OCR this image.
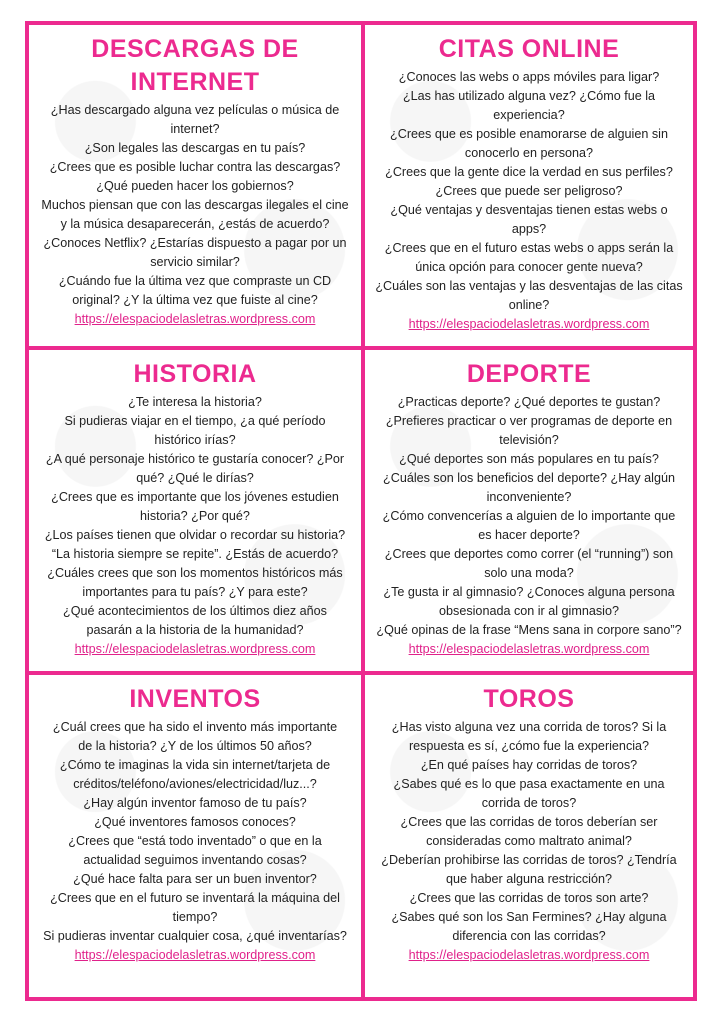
DESCARGAS DE
INTERNET
¿Has descargado alguna vez películas o música de
internet?
¿Son legales las descargas en tu país?
¿Crees que es posible luchar contra las descargas?
¿Qué pueden hacer los gobiernos?
Muchos piensan que con las descargas ilegales el cine
y la música desaparecerán, ¿estás de acuerdo?
¿Conoces Netflix? ¿Estarías dispuesto a pagar por un
servicio similar?
¿Cuándo fue la última vez que compraste un CD
original? ¿Y la última vez que fuiste al cine?
https://elespaciodelasletras.wordpress.com
CITAS ONLINE
¿Conoces las webs o apps móviles para ligar?
¿Las has utilizado alguna vez? ¿Cómo fue la
experiencia?
¿Crees que es posible enamorarse de alguien sin
conocerlo en persona?
¿Crees que la gente dice la verdad en sus perfiles?
¿Crees que puede ser peligroso?
¿Qué ventajas y desventajas tienen estas webs o
apps?
¿Crees que en el futuro estas webs o apps serán la
única opción para conocer gente nueva?
¿Cuáles son las ventajas y las desventajas de las citas
online?
https://elespaciodelasletras.wordpress.com
HISTORIA
¿Te interesa la historia?
Si pudieras viajar en el tiempo, ¿a qué período
histórico irías?
¿A qué personaje histórico te gustaría conocer? ¿Por
qué? ¿Qué le dirías?
¿Crees que es importante que los jóvenes estudien
historia? ¿Por qué?
¿Los países tienen que olvidar o recordar su historia?
“La historia siempre se repite”. ¿Estás de acuerdo?
¿Cuáles crees que son los momentos históricos más
importantes para tu país? ¿Y para este?
¿Qué acontecimientos de los últimos diez años
pasarán a la historia de la humanidad?
https://elespaciodelasletras.wordpress.com
DEPORTE
¿Practicas deporte? ¿Qué deportes te gustan?
¿Prefieres practicar o ver programas de deporte en
televisión?
¿Qué deportes son más populares en tu país?
¿Cuáles son los beneficios del deporte? ¿Hay algún
inconveniente?
¿Cómo convencerías a alguien de lo importante que
es hacer deporte?
¿Crees que deportes como correr (el “running”) son
solo una moda?
¿Te gusta ir al gimnasio? ¿Conoces alguna persona
obsesionada con ir al gimnasio?
¿Qué opinas de la frase “Mens sana in corpore sano”?
https://elespaciodelasletras.wordpress.com
INVENTOS
¿Cuál crees que ha sido el invento más importante
de la historia? ¿Y de los últimos 50 años?
¿Cómo te imaginas la vida sin internet/tarjeta de
créditos/teléfono/aviones/electricidad/luz...?
¿Hay algún inventor famoso de tu país?
¿Qué inventores famosos conoces?
¿Crees que “está todo inventado” o que en la
actualidad seguimos inventando cosas?
¿Qué hace falta para ser un buen inventor?
¿Crees que en el futuro se inventará la máquina del
tiempo?
Si pudieras inventar cualquier cosa, ¿qué inventarías?
https://elespaciodelasletras.wordpress.com
TOROS
¿Has visto alguna vez una corrida de toros? Si la
respuesta es sí, ¿cómo fue la experiencia?
¿En qué países hay corridas de toros?
¿Sabes qué es lo que pasa exactamente en una
corrida de toros?
¿Crees que las corridas de toros deberían ser
consideradas como maltrato animal?
¿Deberían prohibirse las corridas de toros? ¿Tendría
que haber alguna restricción?
¿Crees que las corridas de toros son arte?
¿Sabes qué son los San Fermines? ¿Hay alguna
diferencia con las corridas?
https://elespaciodelasletras.wordpress.com
